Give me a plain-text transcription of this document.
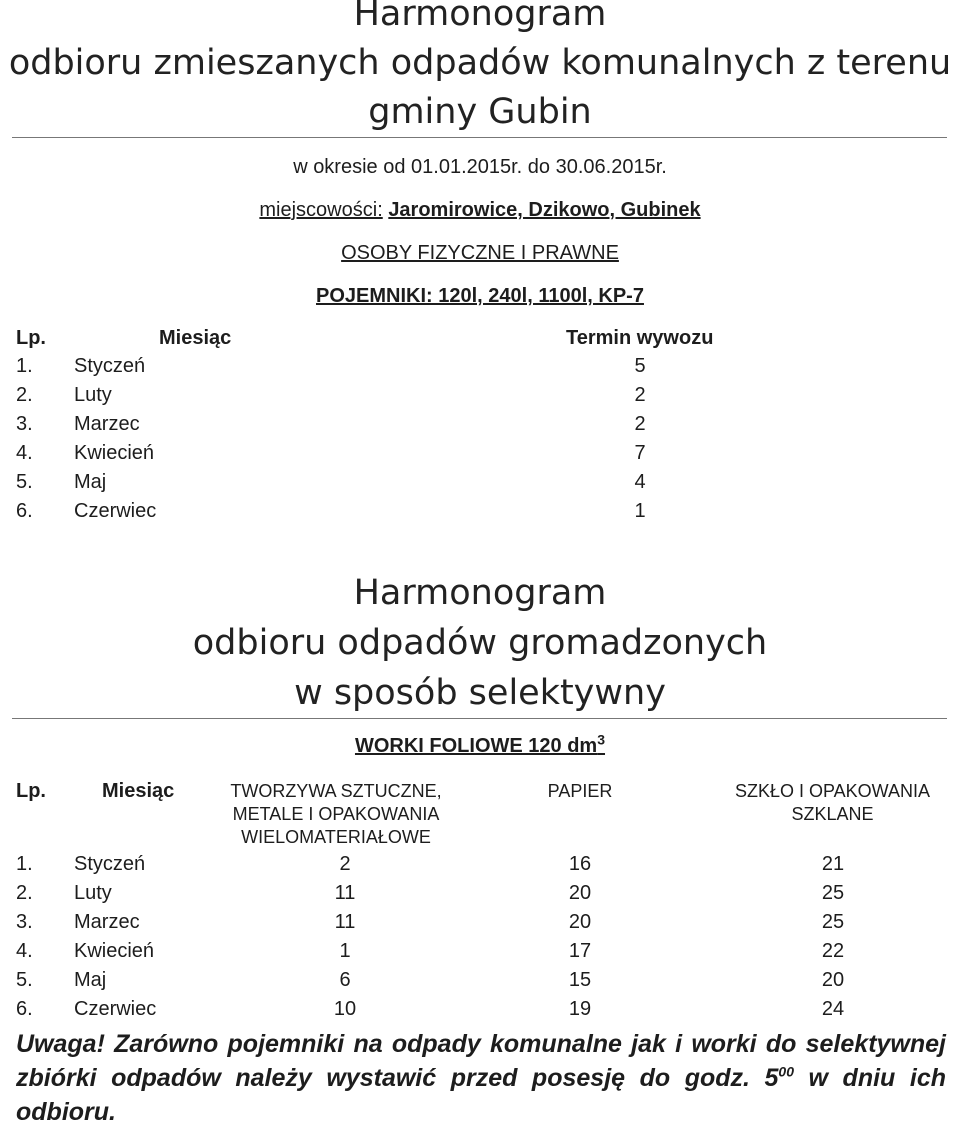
Harmonogram
odbioru zmieszanych odpadów komunalnych z terenu
gminy Gubin
w okresie od 01.01.2015r. do 30.06.2015r.
miejscowości: Jaromirowice, Dzikowo, Gubinek
OSOBY FIZYCZNE I PRAWNE
POJEMNIKI: 120l, 240l, 1100l, KP-7
Lp.	Miesiąc	Termin wywozu
1. Styczeń	5
2. Luty	2
3. Marzec	2
4. Kwiecień	7
5. Maj	4
6. Czerwiec	1
Harmonogram
odbioru odpadów gromadzonych
w sposób selektywny
WORKI FOLIOWE 120 $dm^3$
Lp.	Miesiąc	TWORZYWA SZTUCZNE,
METALE I OPAKOWANIA
WIELOMATERIAŁOWE
PAPIER	SZKŁO I OPAKOWANIA
SZKLANE
1. Styczeń	2	16	21
2. Luty	11	20	25
3. Marzec	11	20	25
4. Kwiecień	1	17	22
5. Maj	6	15	20
6. Czerwiec	10	19	24
Uwaga! Zarówno pojemniki na odpady komunalne jak i worki do selektywnej zbiórki odpadów należy wystawić przed posesję do godz. $5^{00}$ w dniu ich odbioru.
